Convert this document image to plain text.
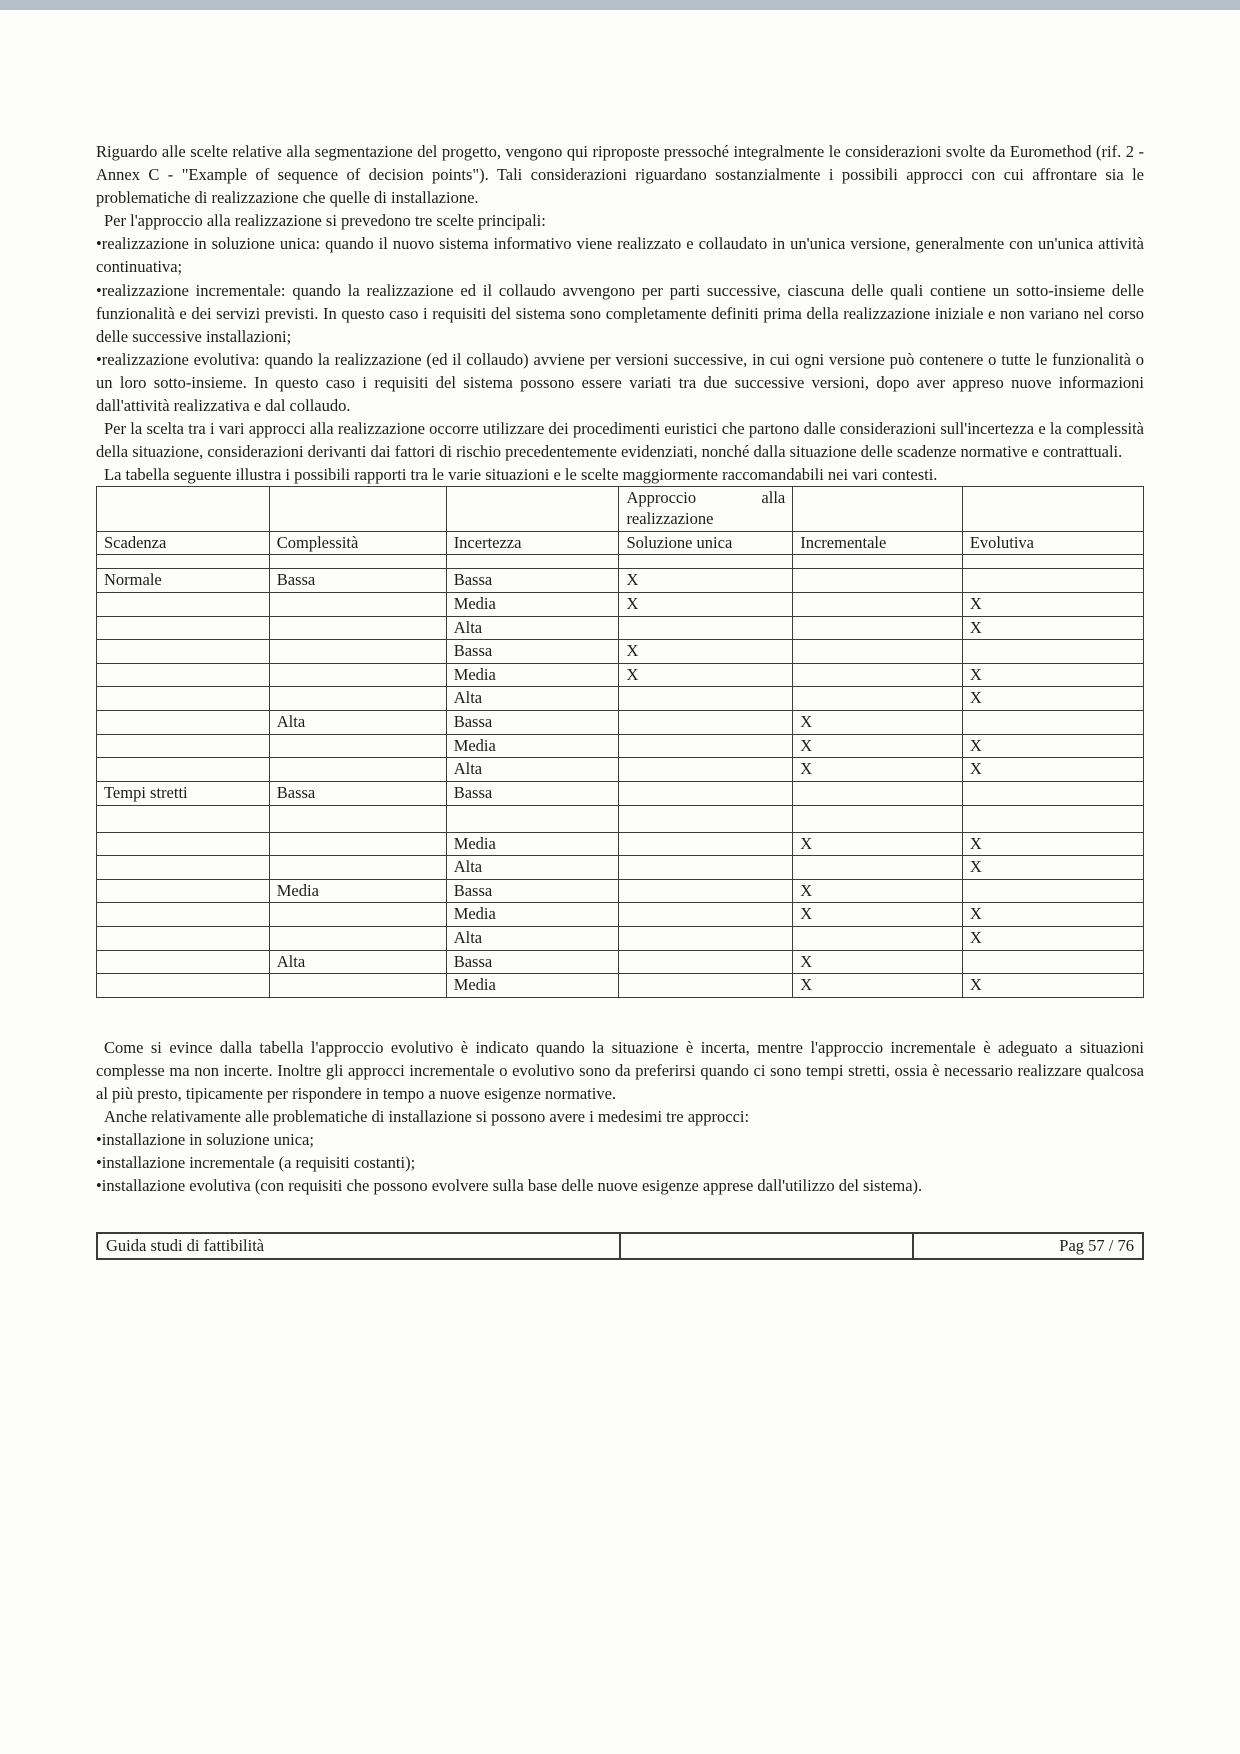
Riguardo alle scelte relative alla segmentazione del progetto, vengono qui riproposte pressoché integralmente le considerazioni svolte da Euromethod (rif. 2 - Annex C - "Example of sequence of decision points"). Tali considerazioni riguardano sostanzialmente i possibili approcci con cui affrontare sia le problematiche di realizzazione che quelle di installazione.

Per l'approccio alla realizzazione si prevedono tre scelte principali:

•realizzazione in soluzione unica: quando il nuovo sistema informativo viene realizzato e collaudato in un'unica versione, generalmente con un'unica attività continuativa;

•realizzazione incrementale: quando la realizzazione ed il collaudo avvengono per parti successive, ciascuna delle quali contiene un sotto-insieme delle funzionalità e dei servizi previsti. In questo caso i requisiti del sistema sono completamente definiti prima della realizzazione iniziale e non variano nel corso delle successive installazioni;

•realizzazione evolutiva: quando la realizzazione (ed il collaudo) avviene per versioni successive, in cui ogni versione può contenere o tutte le funzionalità o un loro sotto-insieme. In questo caso i requisiti del sistema possono essere variati tra due successive versioni, dopo aver appreso nuove informazioni dall'attività realizzativa e dal collaudo.

Per la scelta tra i vari approcci alla realizzazione occorre utilizzare dei procedimenti euristici che partono dalle considerazioni sull'incertezza e la complessità della situazione, considerazioni derivanti dai fattori di rischio precedentemente evidenziati, nonché dalla situazione delle scadenze normative e contrattuali.

La tabella seguente illustra i possibili rapporti tra le varie situazioni e le scelte maggiormente raccomandabili nei vari contesti.

			Approccio alla realizzazione		
Scadenza	Complessità	Incertezza	Soluzione unica	Incrementale	Evolutiva

Normale	Bassa	Bassa	X		
		Media	X		X
		Alta			X
		Bassa	X		
		Media	X		X
		Alta			X
	Alta	Bassa		X	
		Media		X	X
		Alta		X	X
Tempi stretti	Bassa	Bassa			

		Media		X	X
		Alta			X
	Media	Bassa		X	
		Media		X	X
		Alta			X
	Alta	Bassa		X	
		Media		X	X

Come si evince dalla tabella l'approccio evolutivo è indicato quando la situazione è incerta, mentre l'approccio incrementale è adeguato a situazioni complesse ma non incerte. Inoltre gli approcci incrementale o evolutivo sono da preferirsi quando ci sono tempi stretti, ossia è necessario realizzare qualcosa al più presto, tipicamente per rispondere in tempo a nuove esigenze normative.

Anche relativamente alle problematiche di installazione si possono avere i medesimi tre approcci:

•installazione in soluzione unica;

•installazione incrementale (a requisiti costanti);

•installazione evolutiva (con requisiti che possono evolvere sulla base delle nuove esigenze apprese dall'utilizzo del sistema).

Guida studi di fattibilità		Pag 57 / 76
